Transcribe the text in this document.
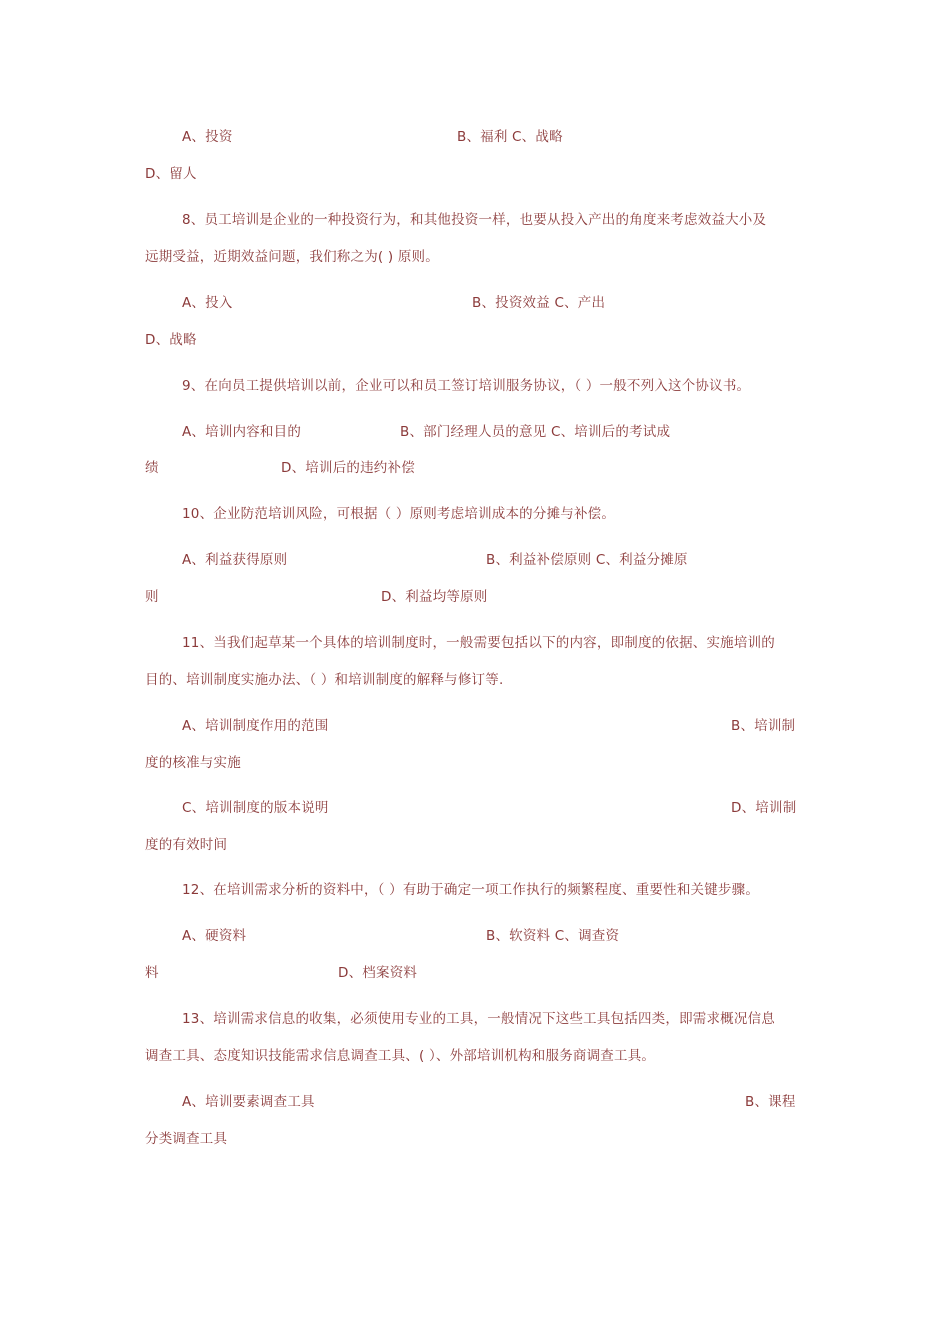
A、投资	B、福利 C、战略
D、留人
8、员工培训是企业的一种投资行为，和其他投资一样，也要从投入产出的角度来考虑效益大小及
远期受益，近期效益问题，我们称之为( ) 原则。
A、投入	B、投资效益 C、产出
D、战略
9、在向员工提供培训以前，企业可以和员工签订培训服务协议，（ ）一般不列入这个协议书。
A、培训内容和目的	B、部门经理人员的意见 C、培训后的考试成
绩	D、培训后的违约补偿
10、企业防范培训风险，可根据（ ）原则考虑培训成本的分摊与补偿。
A、利益获得原则	B、利益补偿原则 C、利益分摊原
则	D、利益均等原则
11、当我们起草某一个具体的培训制度时，一般需要包括以下的内容，即制度的依据、实施培训的
目的、培训制度实施办法、（ ）和培训制度的解释与修订等.
A、培训制度作用的范围	B、培训制
度的核准与实施
C、培训制度的版本说明	D、培训制
度的有效时间
12、在培训需求分析的资料中，（ ）有助于确定一项工作执行的频繁程度、重要性和关键步骤。
A、硬资料	B、软资料 C、调查资
料	D、档案资料
13、培训需求信息的收集，必须使用专业的工具，一般情况下这些工具包括四类，即需求概况信息
调查工具、态度知识技能需求信息调查工具、( ）、外部培训机构和服务商调查工具。
A、培训要素调查工具	B、课程
分类调查工具
